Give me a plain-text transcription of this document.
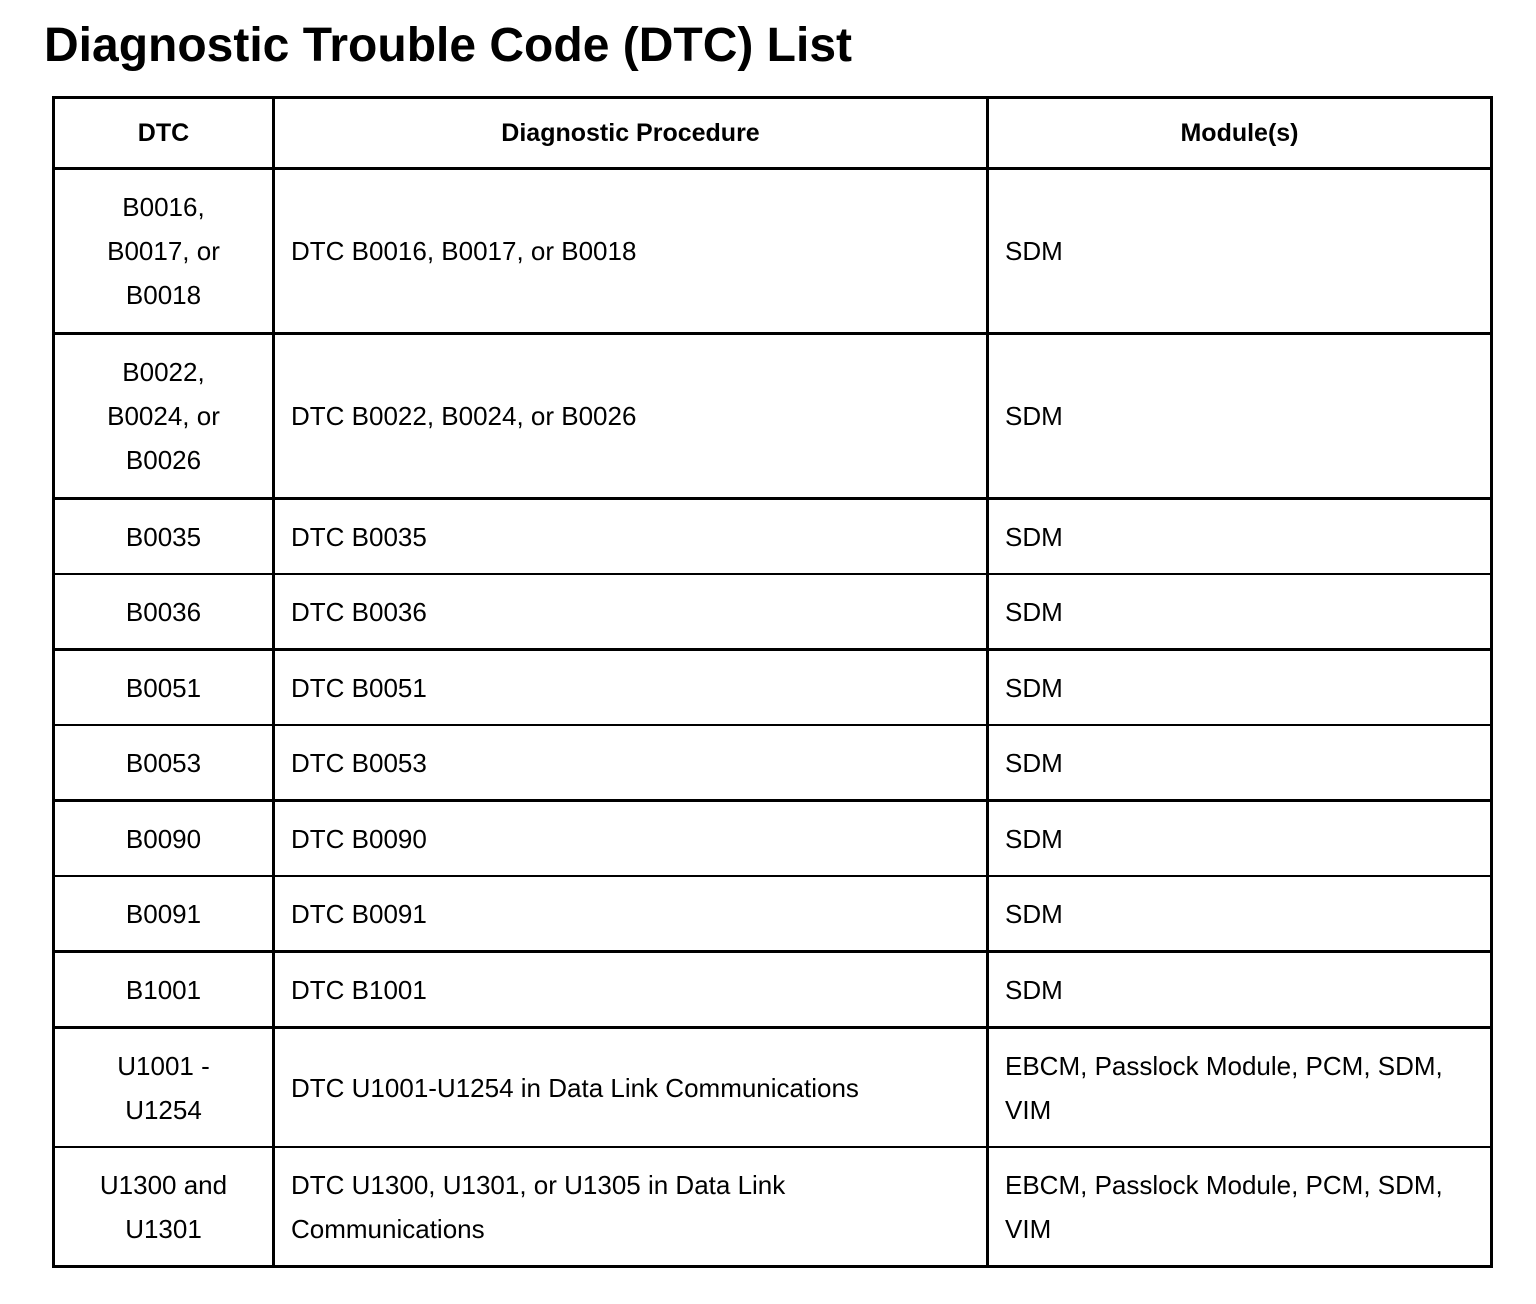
Diagnostic Trouble Code (DTC) List
DTC	Diagnostic Procedure	Module(s)

B0016, B0017, or B0018	DTC B0016, B0017, or B0018	SDM

B0022, B0024, or B0026	DTC B0022, B0024, or B0026	SDM

B0035	DTC B0035	SDM

B0036	DTC B0036	SDM

B0051	DTC B0051	SDM

B0053	DTC B0053	SDM

B0090	DTC B0090	SDM

B0091	DTC B0091	SDM

B1001	DTC B1001	SDM

U1001 - U1254	DTC U1001-U1254 in Data Link Communications	EBCM, Passlock Module, PCM, SDM, VIM

U1300 and U1301	DTC U1300, U1301, or U1305 in Data Link Communications	EBCM, Passlock Module, PCM, SDM, VIM
